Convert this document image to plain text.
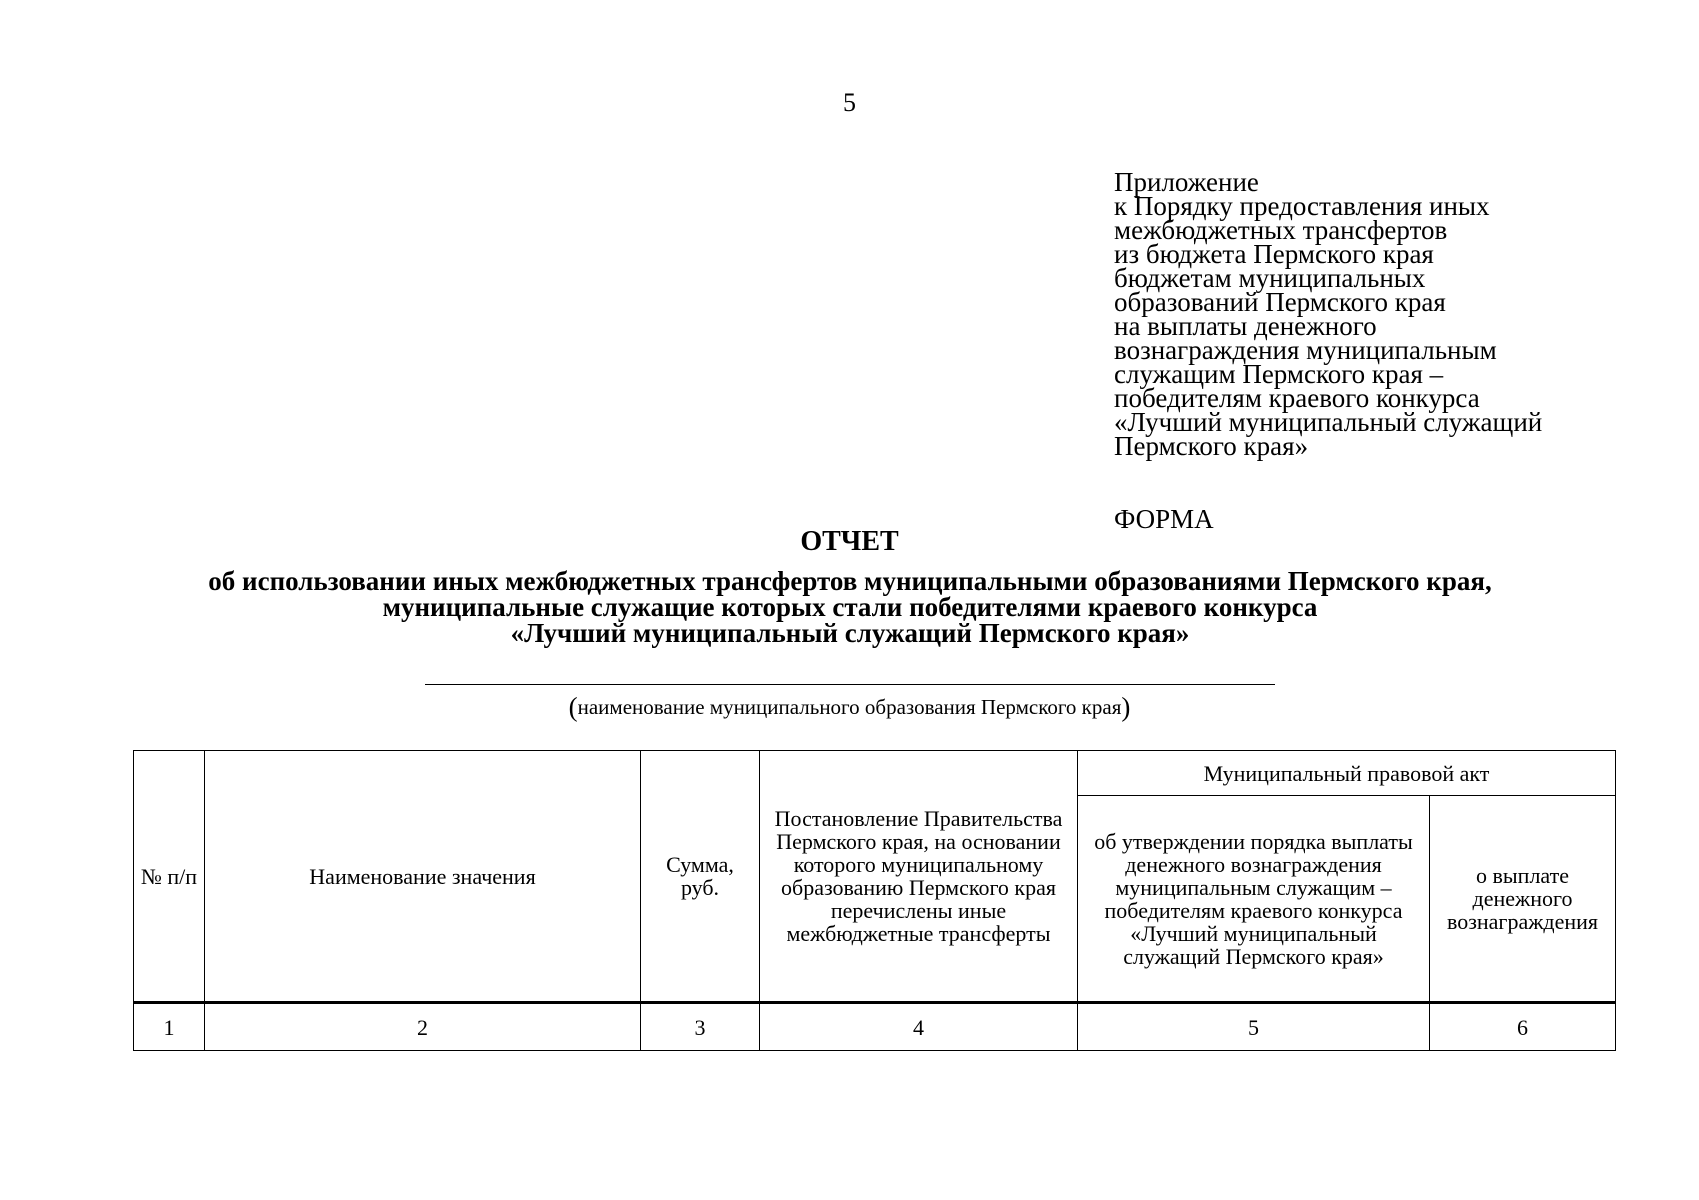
5
Приложение
к Порядку предоставления иных
межбюджетных трансфертов
из бюджета Пермского края
бюджетам муниципальных
образований Пермского края
на выплаты денежного
вознаграждения муниципальным
служащим Пермского края –
победителям краевого конкурса
«Лучший муниципальный служащий
Пермского края»
ФОРМА
ОТЧЕТ
об использовании иных межбюджетных трансфертов муниципальными образованиями Пермского края,
муниципальные служащие которых стали победителями краевого конкурса
«Лучший муниципальный служащий Пермского края»
(наименование муниципального образования Пермского края)
№ п/п	Наименование значения	Сумма, руб.	Постановление Правительства Пермского края, на основании которого муниципальному образованию Пермского края перечислены иные межбюджетные трансферты	Муниципальный правовой акт	
				об утверждении порядка выплаты денежного вознаграждения муниципальным служащим – победителям краевого конкурса «Лучший муниципальный служащий Пермского края»	о выплате денежного вознаграждения
1	2	3	4	5	6
